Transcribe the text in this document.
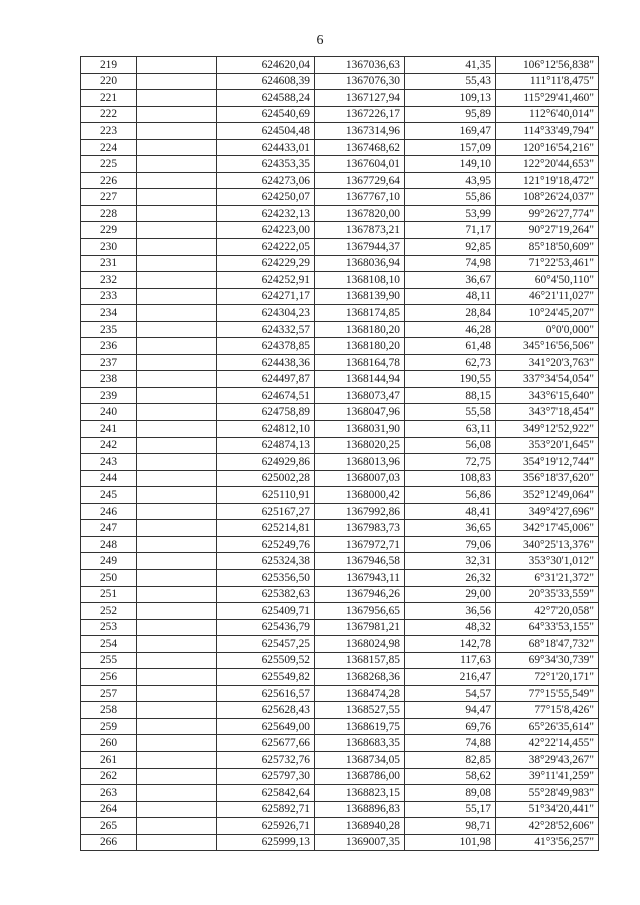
6
219		624620,04	1367036,63	41,35	106°12'56,838"
220		624608,39	1367076,30	55,43	111°11'8,475"
221		624588,24	1367127,94	109,13	115°29'41,460"
222		624540,69	1367226,17	95,89	112°6'40,014"
223		624504,48	1367314,96	169,47	114°33'49,794"
224		624433,01	1367468,62	157,09	120°16'54,216"
225		624353,35	1367604,01	149,10	122°20'44,653"
226		624273,06	1367729,64	43,95	121°19'18,472"
227		624250,07	1367767,10	55,86	108°26'24,037"
228		624232,13	1367820,00	53,99	99°26'27,774"
229		624223,00	1367873,21	71,17	90°27'19,264"
230		624222,05	1367944,37	92,85	85°18'50,609"
231		624229,29	1368036,94	74,98	71°22'53,461"
232		624252,91	1368108,10	36,67	60°4'50,110"
233		624271,17	1368139,90	48,11	46°21'11,027"
234		624304,23	1368174,85	28,84	10°24'45,207"
235		624332,57	1368180,20	46,28	0°0'0,000"
236		624378,85	1368180,20	61,48	345°16'56,506"
237		624438,36	1368164,78	62,73	341°20'3,763"
238		624497,87	1368144,94	190,55	337°34'54,054"
239		624674,51	1368073,47	88,15	343°6'15,640"
240		624758,89	1368047,96	55,58	343°7'18,454"
241		624812,10	1368031,90	63,11	349°12'52,922"
242		624874,13	1368020,25	56,08	353°20'1,645"
243		624929,86	1368013,96	72,75	354°19'12,744"
244		625002,28	1368007,03	108,83	356°18'37,620"
245		625110,91	1368000,42	56,86	352°12'49,064"
246		625167,27	1367992,86	48,41	349°4'27,696"
247		625214,81	1367983,73	36,65	342°17'45,006"
248		625249,76	1367972,71	79,06	340°25'13,376"
249		625324,38	1367946,58	32,31	353°30'1,012"
250		625356,50	1367943,11	26,32	6°31'21,372"
251		625382,63	1367946,26	29,00	20°35'33,559"
252		625409,71	1367956,65	36,56	42°7'20,058"
253		625436,79	1367981,21	48,32	64°33'53,155"
254		625457,25	1368024,98	142,78	68°18'47,732"
255		625509,52	1368157,85	117,63	69°34'30,739"
256		625549,82	1368268,36	216,47	72°1'20,171"
257		625616,57	1368474,28	54,57	77°15'55,549"
258		625628,43	1368527,55	94,47	77°15'8,426"
259		625649,00	1368619,75	69,76	65°26'35,614"
260		625677,66	1368683,35	74,88	42°22'14,455"
261		625732,76	1368734,05	82,85	38°29'43,267"
262		625797,30	1368786,00	58,62	39°11'41,259"
263		625842,64	1368823,15	89,08	55°28'49,983"
264		625892,71	1368896,83	55,17	51°34'20,441"
265		625926,71	1368940,28	98,71	42°28'52,606"
266		625999,13	1369007,35	101,98	41°3'56,257"
